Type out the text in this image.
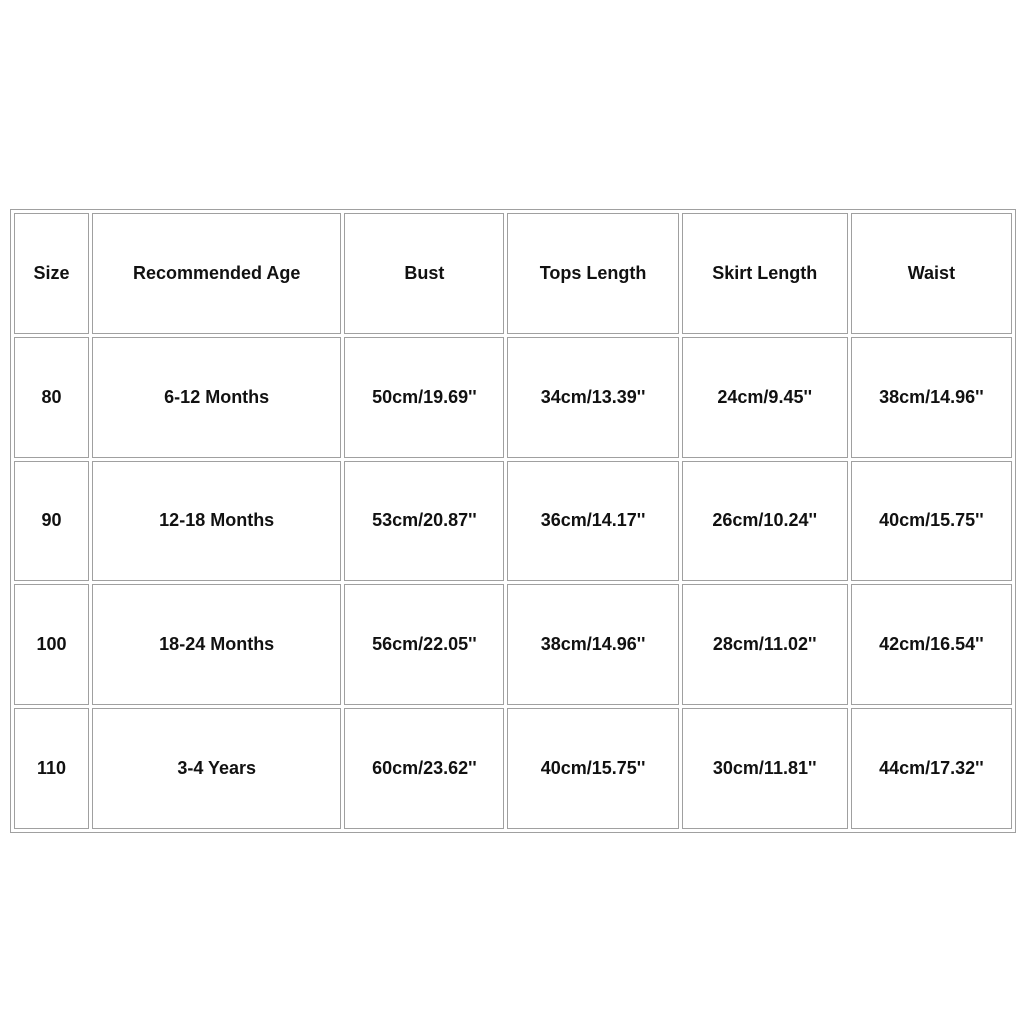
Size	Recommended Age	Bust	Tops Length	Skirt Length	Waist
80	6-12 Months	50cm/19.69''	34cm/13.39''	24cm/9.45''	38cm/14.96''
90	12-18 Months	53cm/20.87''	36cm/14.17''	26cm/10.24''	40cm/15.75''
100	18-24 Months	56cm/22.05''	38cm/14.96''	28cm/11.02''	42cm/16.54''
110	3-4 Years	60cm/23.62''	40cm/15.75''	30cm/11.81''	44cm/17.32''
